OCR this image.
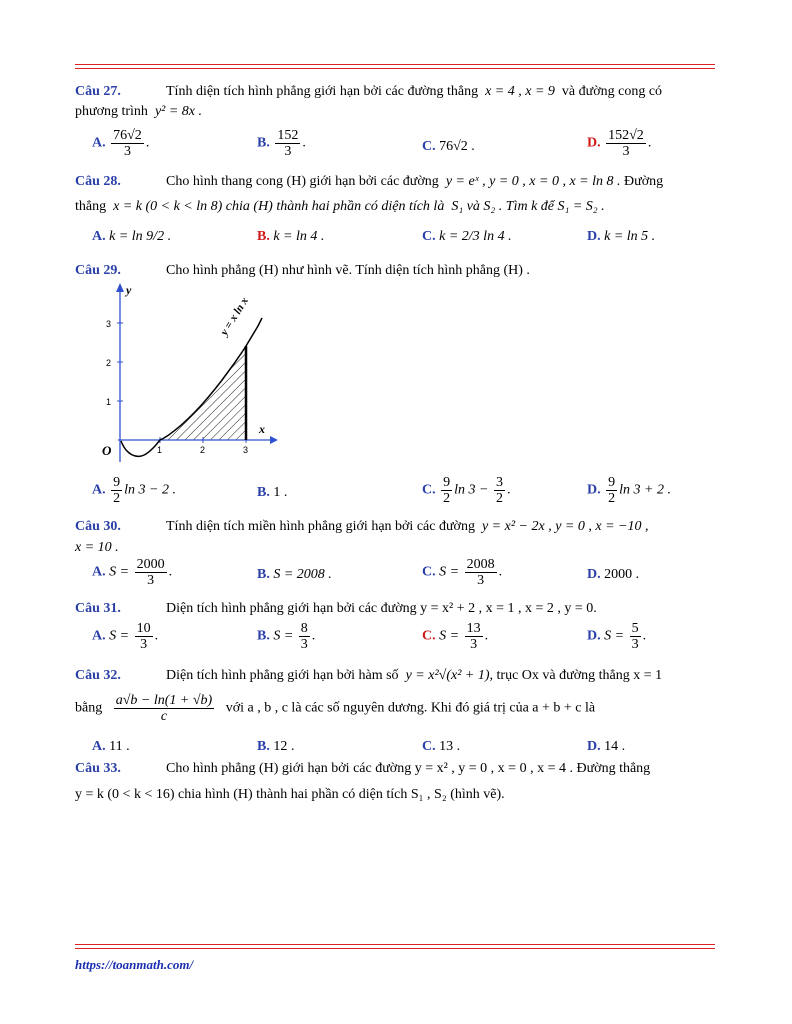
Câu 27.	Tính diện tích hình phẳng giới hạn bởi các đường thẳng x = 4 , x = 9 và đường cong có
phương trình y² = 8x .
A. $\frac{76√2}{3}$ .	B. $\frac{152}{3}$ .	C. 76√2 .	D. $\frac{152√2}{3}$ .
Câu 28.	Cho hình thang cong (H) giới hạn bởi các đường y = eˣ , y = 0 , x = 0 , x = ln 8 . Đường
thẳng x = k (0 < k < ln 8) chia (H) thành hai phần có diện tích là S₁ và S₂ . Tìm k để S₁ = S₂ .
A. k = ln 9/2 .	B. k = ln 4 .	C. k = 2/3 ln 4 .	D. k = ln 5 .
Câu 29.	Cho hình phẳng (H) như hình vẽ. Tính diện tích hình phẳng (H) .
y
x
O
1
2
3
1	2	3
y = x ln x
A. $\frac{9}{2}$ ln 3 − 2 .	B. 1 .	C. $\frac{9}{2}$ $\ln 3 - \frac{3}{2}$ .	D. $\frac{9}{2}$ ln 3 + 2 .
Câu 30.	Tính diện tích miền hình phẳng giới hạn bởi các đường y = x² − 2x , y = 0 , x = −10 ,
x = 10 .
A. $S = \frac{2000}{3}$ .	B. S = 2008 .	C. $S = \frac{2008}{3}$ .	D. 2000 .
Câu 31.	Diện tích hình phẳng giới hạn bởi các đường y = x² + 2 , x = 1 , x = 2 , y = 0.
A. $S = \frac{10}{3}$ .	B. $S = \frac{8}{3}$ .	C. $S = \frac{13}{3}$ .	D. $S = \frac{5}{3}$ .
Câu 32.	Diện tích hình phẳng giới hạn bởi hàm số y = x²√(x² + 1), trục Ox và đường thẳng x = 1
bằng $\frac{a√b - \ln(1 + √b)}{c}$ với a , b , c là các số nguyên dương. Khi đó giá trị của a + b + c là
A. 11 .	B. 12 .	C. 13 .	D. 14 .
Câu 33.	Cho hình phẳng (H) giới hạn bởi các đường y = x² , y = 0 , x = 0 , x = 4 . Đường thẳng
y = k (0 < k < 16) chia hình (H) thành hai phần có diện tích S₁ , S₂ (hình vẽ).
https://toanmath.com/
